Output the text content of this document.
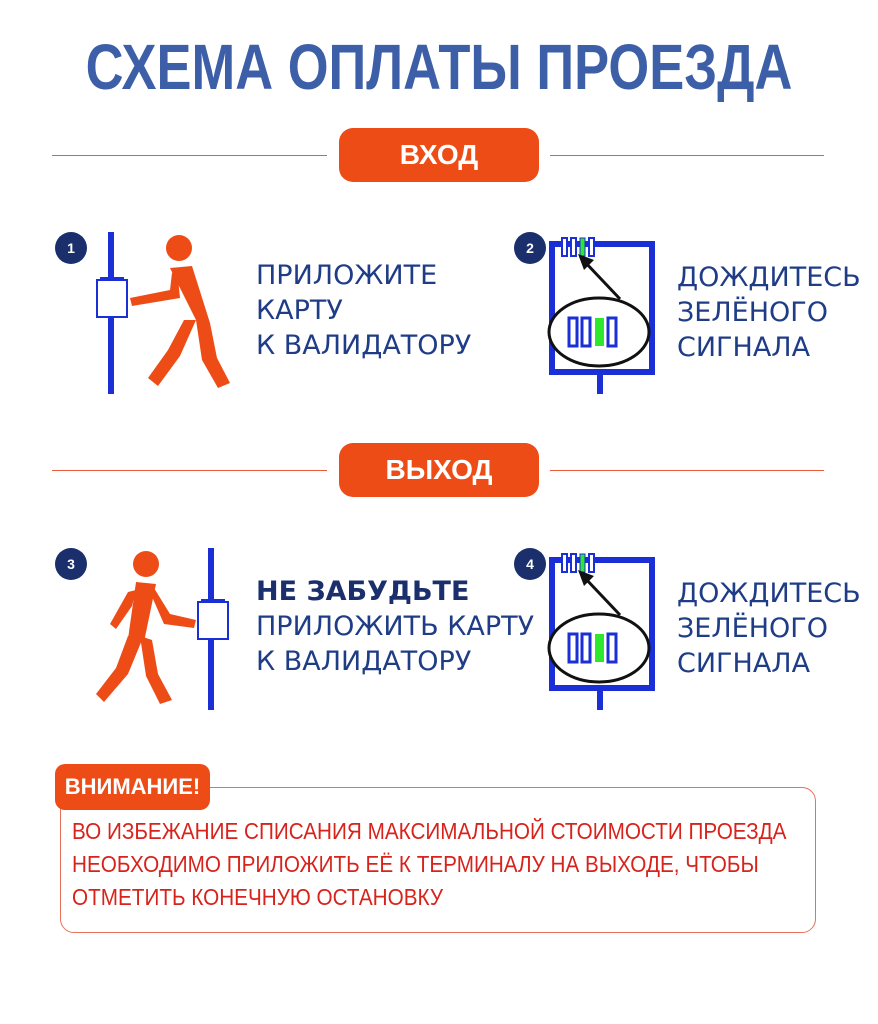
СХЕМА ОПЛАТЫ ПРОЕЗДА
ВХОД
1
ПРИЛОЖИТЕ
КАРТУ
К ВАЛИДАТОРУ
2
ДОЖДИТЕСЬ
ЗЕЛЁНОГО
СИГНАЛА
ВЫХОД
3
НЕ ЗАБУДЬТЕ
ПРИЛОЖИТЬ КАРТУ
К ВАЛИДАТОРУ
4
ДОЖДИТЕСЬ
ЗЕЛЁНОГО
СИГНАЛА
ВНИМАНИЕ!
ВО ИЗБЕЖАНИЕ СПИСАНИЯ МАКСИМАЛЬНОЙ СТОИМОСТИ ПРОЕЗДА
НЕОБХОДИМО ПРИЛОЖИТЬ ЕЁ К ТЕРМИНАЛУ НА ВЫХОДЕ, ЧТОБЫ
ОТМЕТИТЬ КОНЕЧНУЮ ОСТАНОВКУ
